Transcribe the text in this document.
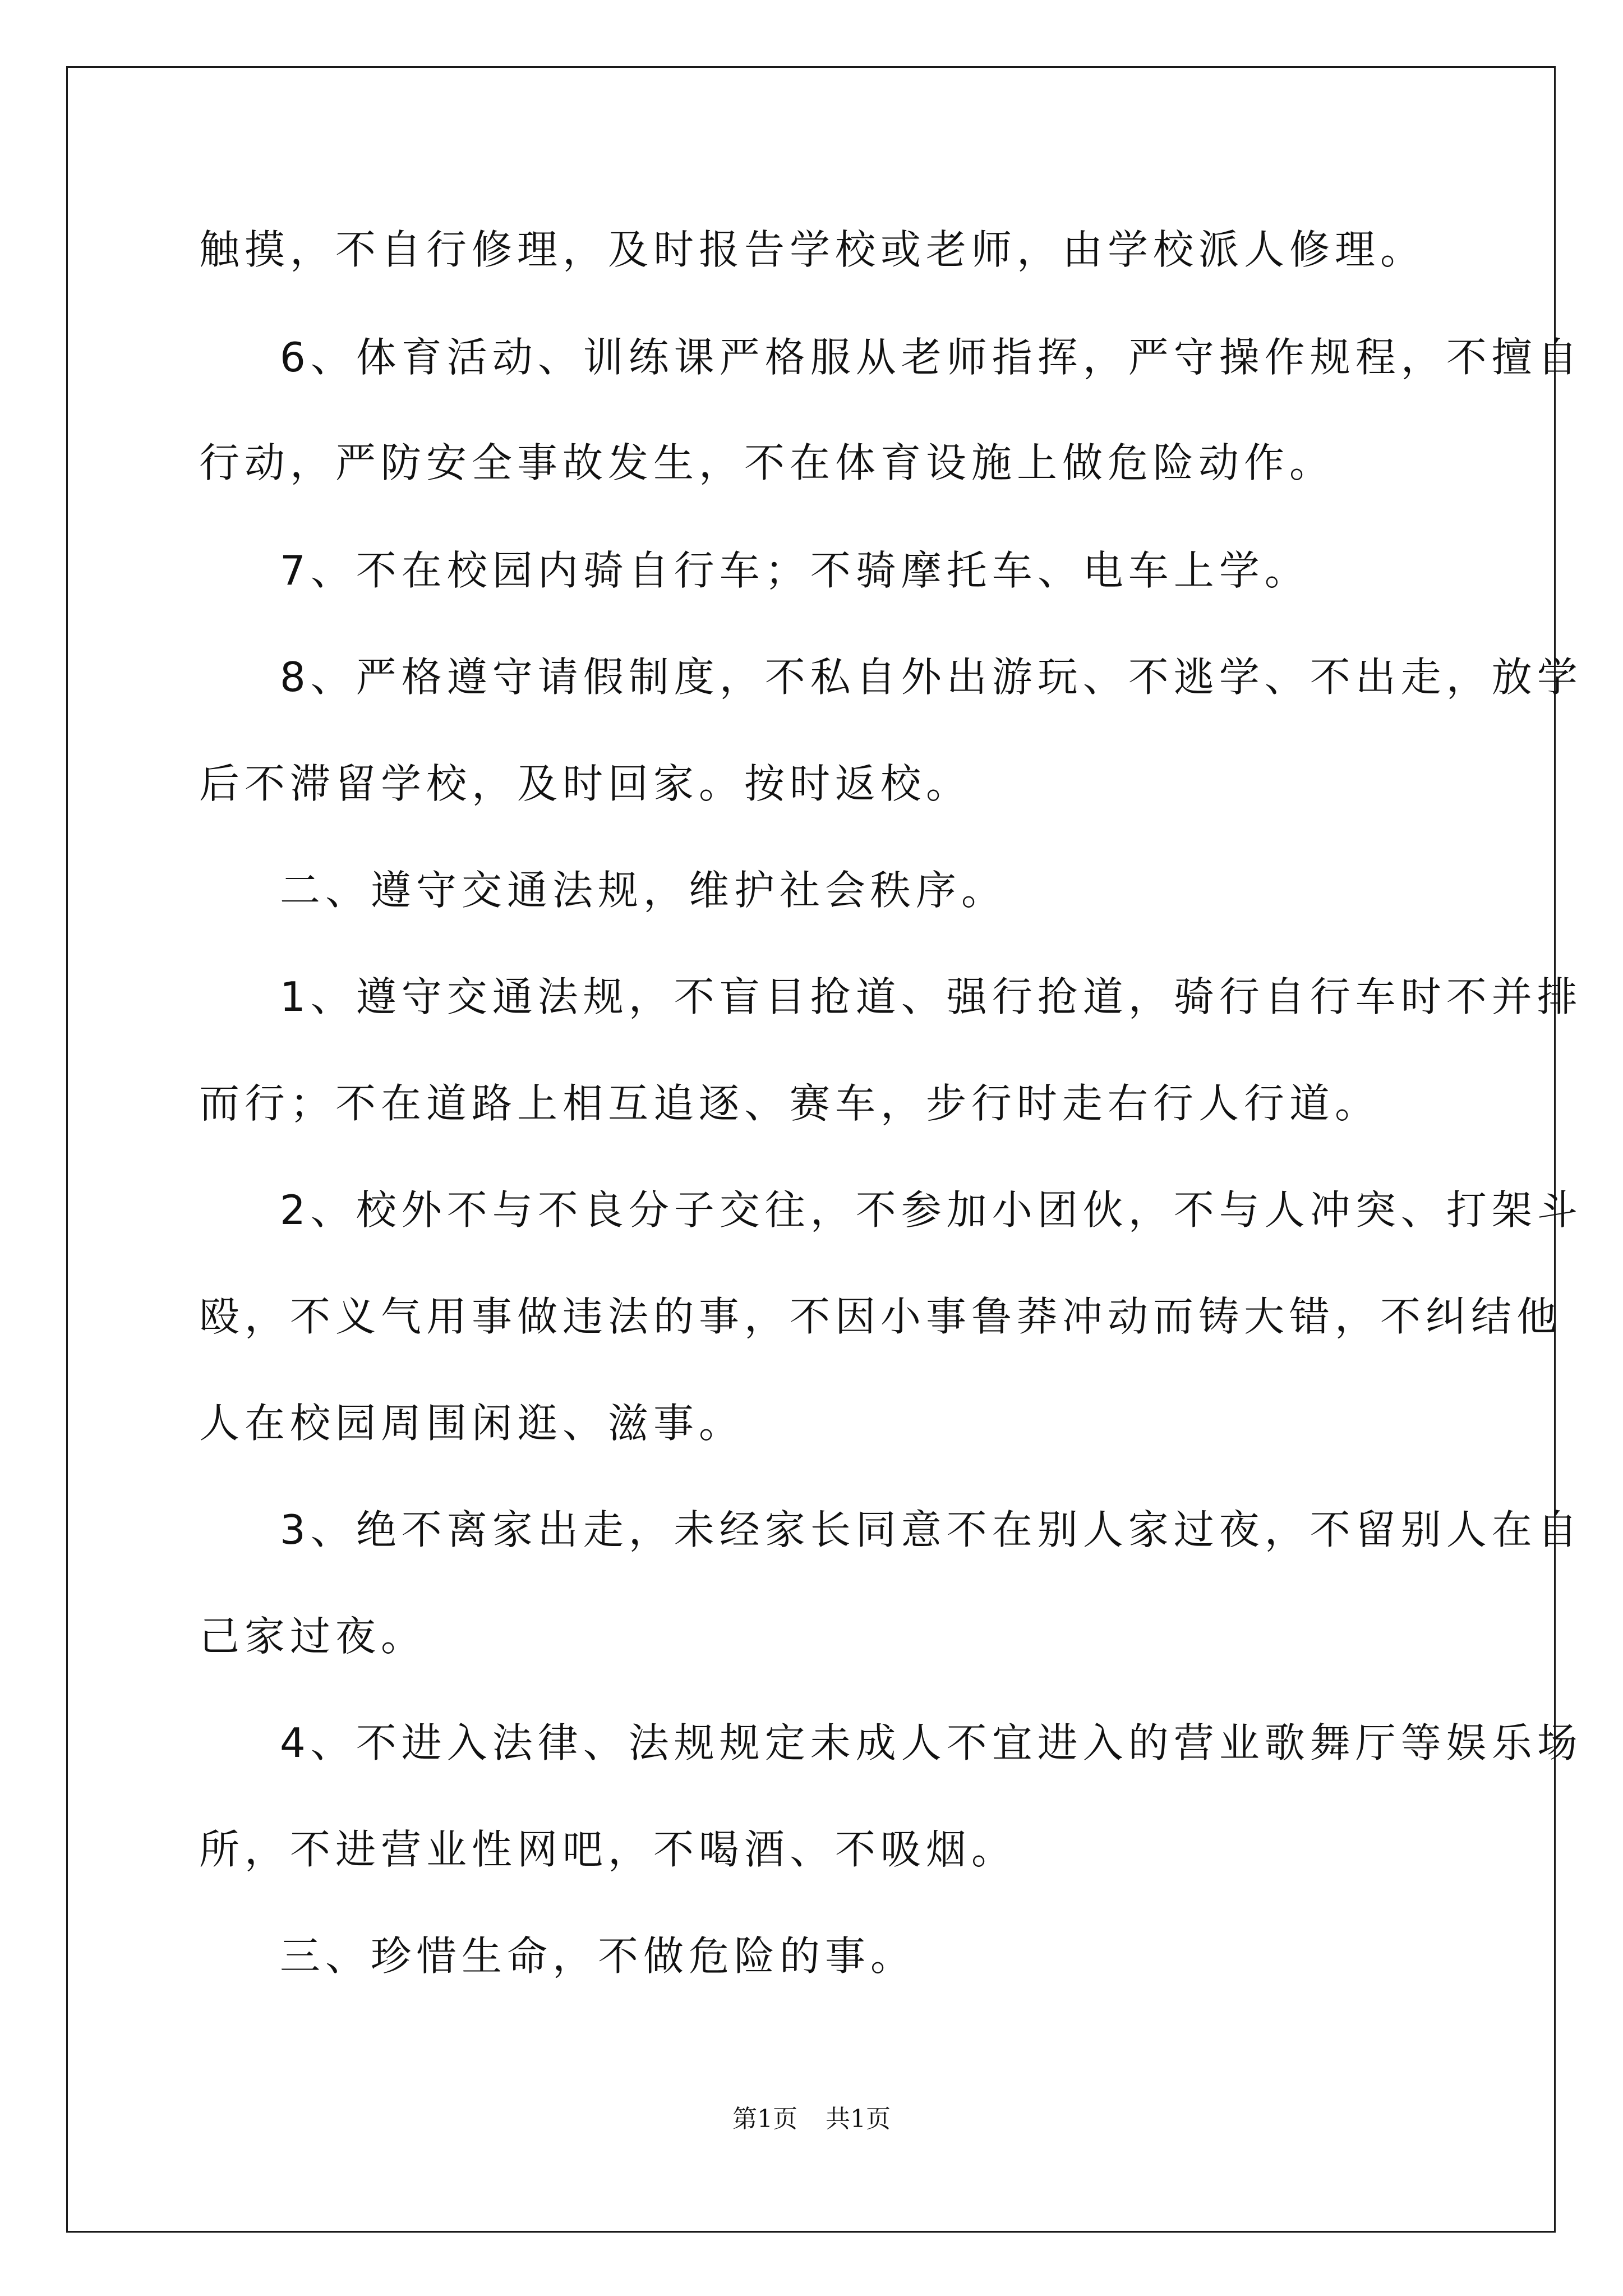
触摸，不自行修理，及时报告学校或老师，由学校派人修理。
6、体育活动、训练课严格服从老师指挥，严守操作规程，不擅自
行动，严防安全事故发生，不在体育设施上做危险动作。
7、不在校园内骑自行车；不骑摩托车、电车上学。
8、严格遵守请假制度，不私自外出游玩、不逃学、不出走，放学
后不滞留学校，及时回家。按时返校。
二、遵守交通法规，维护社会秩序。
1、遵守交通法规，不盲目抢道、强行抢道，骑行自行车时不并排
而行；不在道路上相互追逐、赛车，步行时走右行人行道。
2、校外不与不良分子交往，不参加小团伙，不与人冲突、打架斗
殴，不义气用事做违法的事，不因小事鲁莽冲动而铸大错，不纠结他
人在校园周围闲逛、滋事。
3、绝不离家出走，未经家长同意不在别人家过夜，不留别人在自
己家过夜。
4、不进入法律、法规规定未成人不宜进入的营业歌舞厅等娱乐场
所，不进营业性网吧，不喝酒、不吸烟。
三、珍惜生命，不做危险的事。
第1页 共1页
